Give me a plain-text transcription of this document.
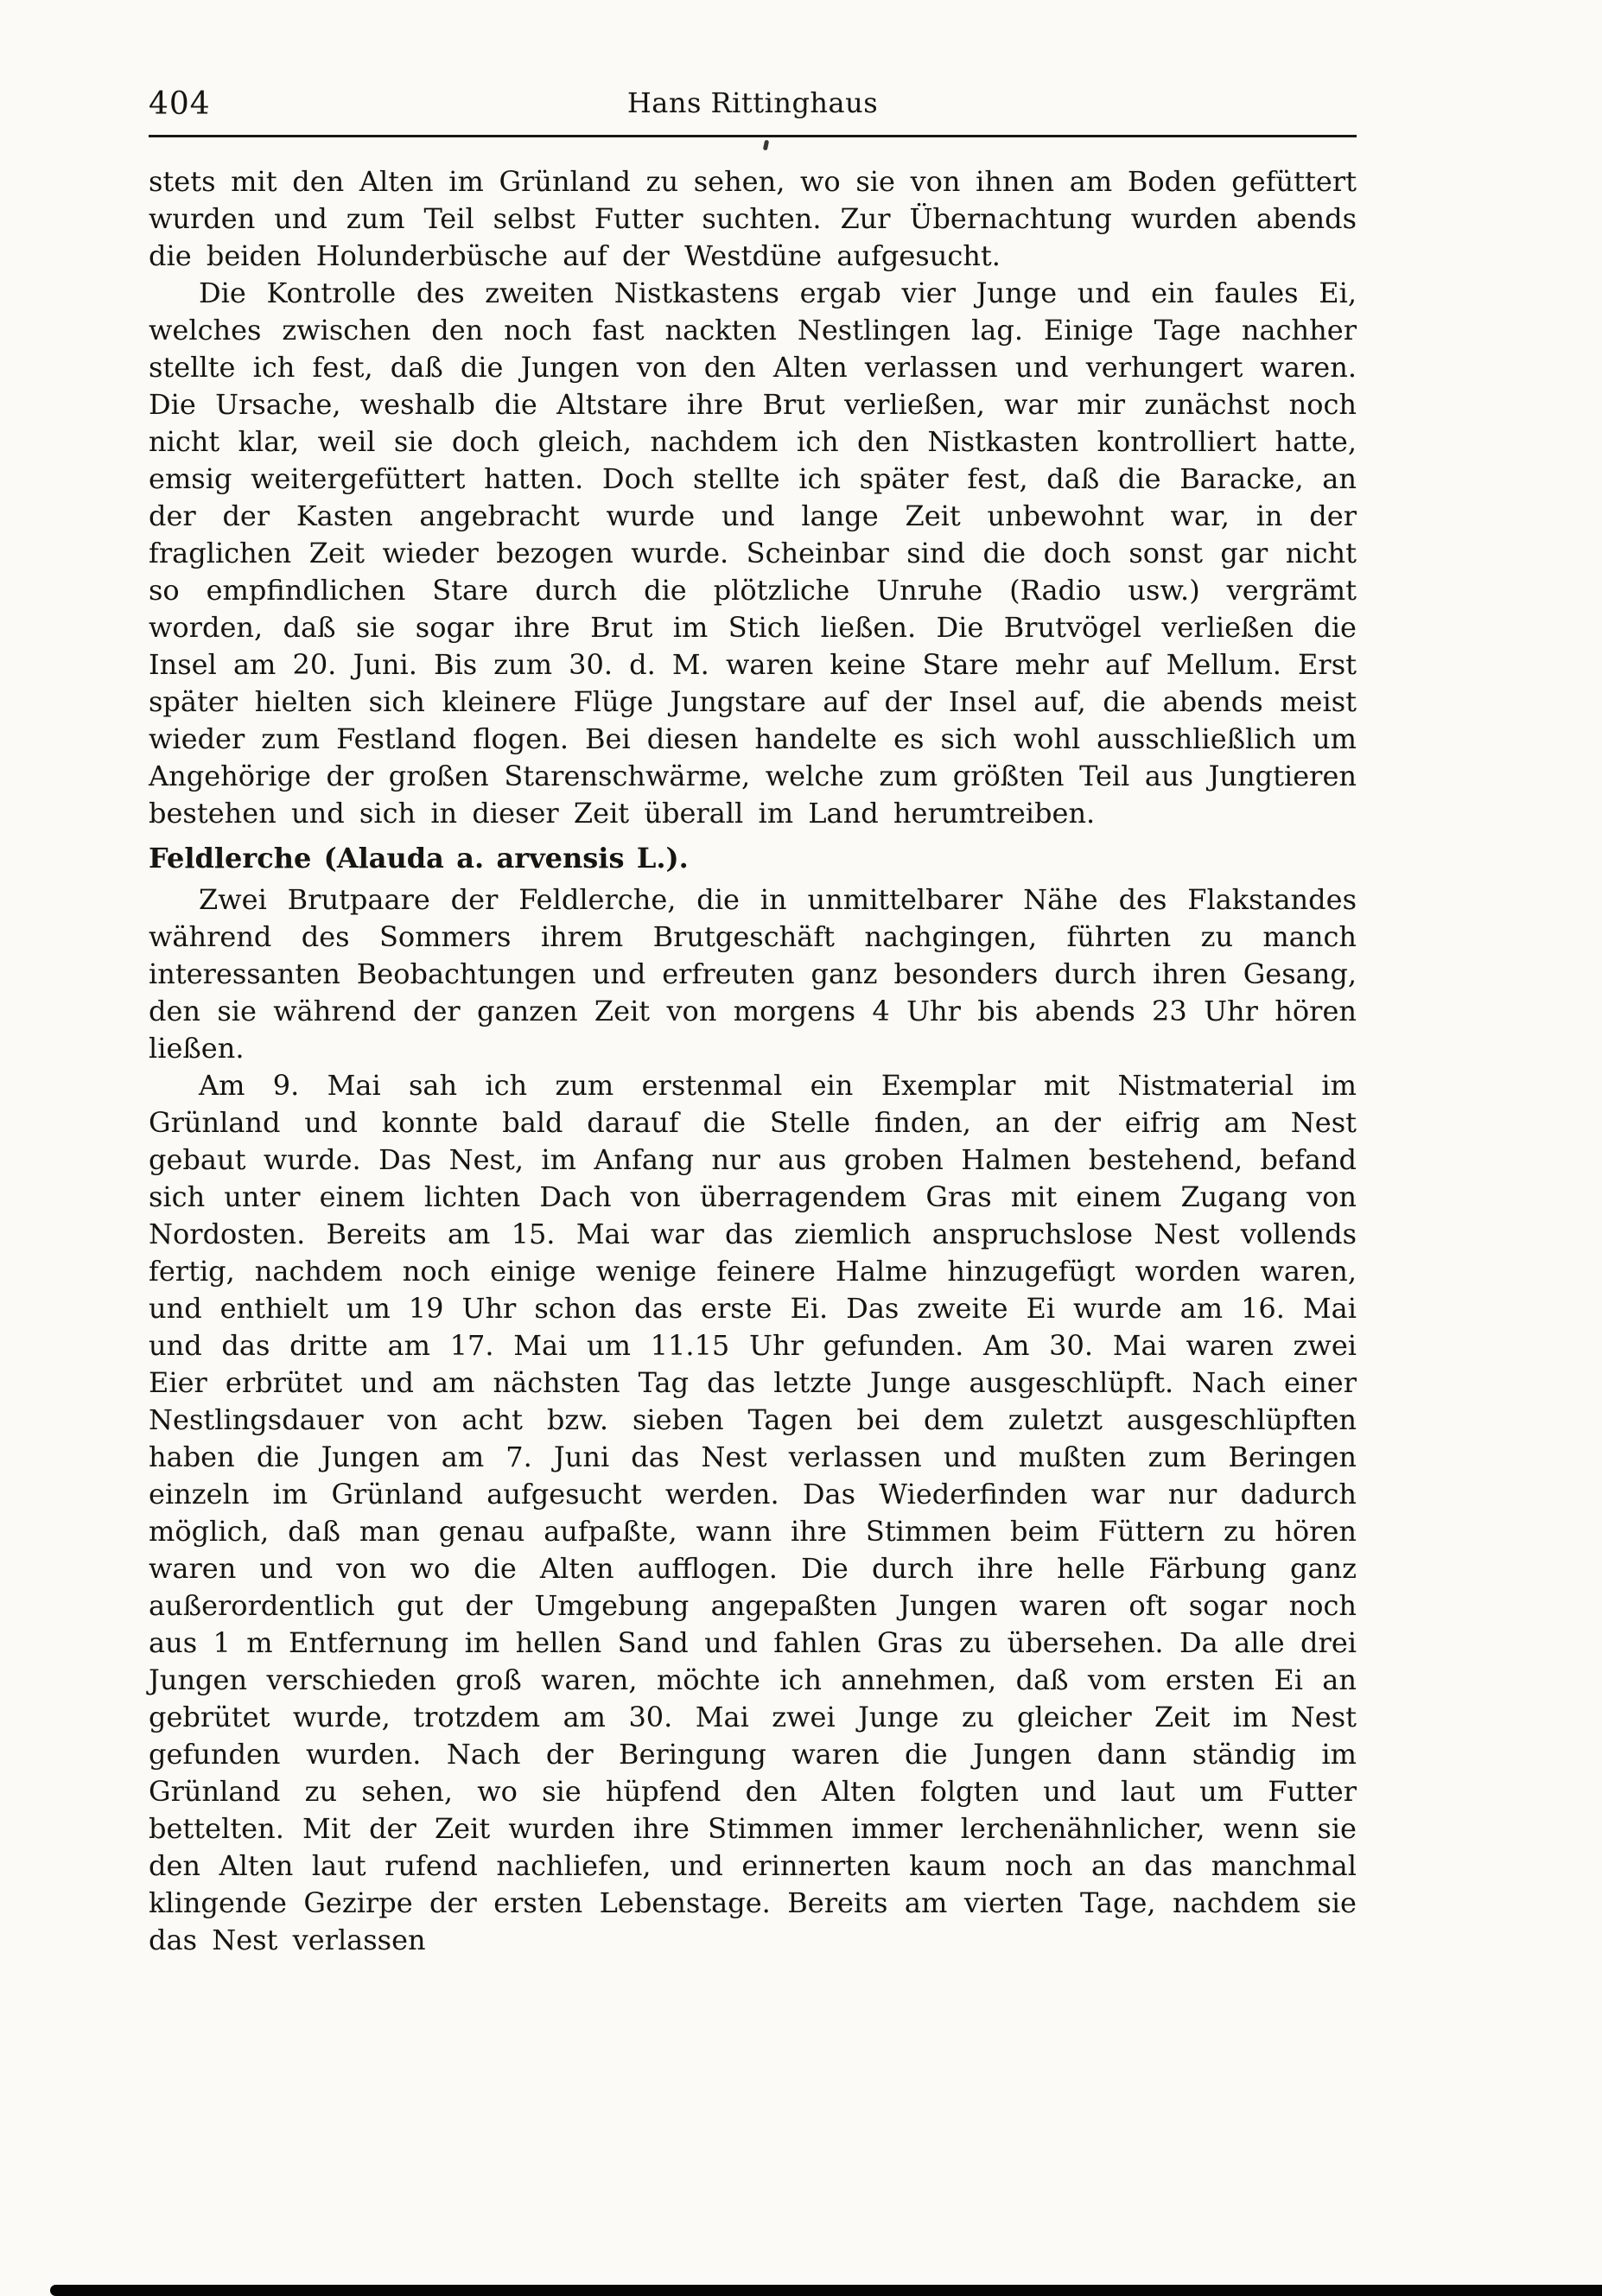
404	Hans Rittinghaus

stets mit den Alten im Grünland zu sehen, wo sie von ihnen am Boden gefüttert wurden und zum Teil selbst Futter suchten. Zur Übernachtung wurden abends die beiden Holunderbüsche auf der Westdüne aufgesucht.

Die Kontrolle des zweiten Nistkastens ergab vier Junge und ein faules Ei, welches zwischen den noch fast nackten Nestlingen lag. Einige Tage nachher stellte ich fest, daß die Jungen von den Alten verlassen und verhungert waren. Die Ursache, weshalb die Altstare ihre Brut verließen, war mir zunächst noch nicht klar, weil sie doch gleich, nachdem ich den Nistkasten kontrolliert hatte, emsig weitergefüttert hatten. Doch stellte ich später fest, daß die Baracke, an der der Kasten angebracht wurde und lange Zeit unbewohnt war, in der fraglichen Zeit wieder bezogen wurde. Scheinbar sind die doch sonst gar nicht so empfindlichen Stare durch die plötzliche Unruhe (Radio usw.) vergrämt worden, daß sie sogar ihre Brut im Stich ließen. Die Brutvögel verließen die Insel am 20. Juni. Bis zum 30. d. M. waren keine Stare mehr auf Mellum. Erst später hielten sich kleinere Flüge Jungstare auf der Insel auf, die abends meist wieder zum Festland flogen. Bei diesen handelte es sich wohl ausschließlich um Angehörige der großen Starenschwärme, welche zum größten Teil aus Jungtieren bestehen und sich in dieser Zeit überall im Land herumtreiben.

Feldlerche (Alauda a. arvensis L.).

Zwei Brutpaare der Feldlerche, die in unmittelbarer Nähe des Flakstandes während des Sommers ihrem Brutgeschäft nachgingen, führten zu manch interessanten Beobachtungen und erfreuten ganz besonders durch ihren Gesang, den sie während der ganzen Zeit von morgens 4 Uhr bis abends 23 Uhr hören ließen.

Am 9. Mai sah ich zum erstenmal ein Exemplar mit Nistmaterial im Grünland und konnte bald darauf die Stelle finden, an der eifrig am Nest gebaut wurde. Das Nest, im Anfang nur aus groben Halmen bestehend, befand sich unter einem lichten Dach von überragendem Gras mit einem Zugang von Nordosten. Bereits am 15. Mai war das ziemlich anspruchslose Nest vollends fertig, nachdem noch einige wenige feinere Halme hinzugefügt worden waren, und enthielt um 19 Uhr schon das erste Ei. Das zweite Ei wurde am 16. Mai und das dritte am 17. Mai um 11.15 Uhr gefunden. Am 30. Mai waren zwei Eier erbrütet und am nächsten Tag das letzte Junge ausgeschlüpft. Nach einer Nestlingsdauer von acht bzw. sieben Tagen bei dem zuletzt ausgeschlüpften haben die Jungen am 7. Juni das Nest verlassen und mußten zum Beringen einzeln im Grünland aufgesucht werden. Das Wiederfinden war nur dadurch möglich, daß man genau aufpaßte, wann ihre Stimmen beim Füttern zu hören waren und von wo die Alten aufflogen. Die durch ihre helle Färbung ganz außerordentlich gut der Umgebung angepaßten Jungen waren oft sogar noch aus 1 m Entfernung im hellen Sand und fahlen Gras zu übersehen. Da alle drei Jungen verschieden groß waren, möchte ich annehmen, daß vom ersten Ei an gebrütet wurde, trotzdem am 30. Mai zwei Junge zu gleicher Zeit im Nest gefunden wurden. Nach der Beringung waren die Jungen dann ständig im Grünland zu sehen, wo sie hüpfend den Alten folgten und laut um Futter bettelten. Mit der Zeit wurden ihre Stimmen immer lerchenähnlicher, wenn sie den Alten laut rufend nachliefen, und erinnerten kaum noch an das manchmal klingende Gezirpe der ersten Lebenstage. Bereits am vierten Tage, nachdem sie das Nest verlassen
